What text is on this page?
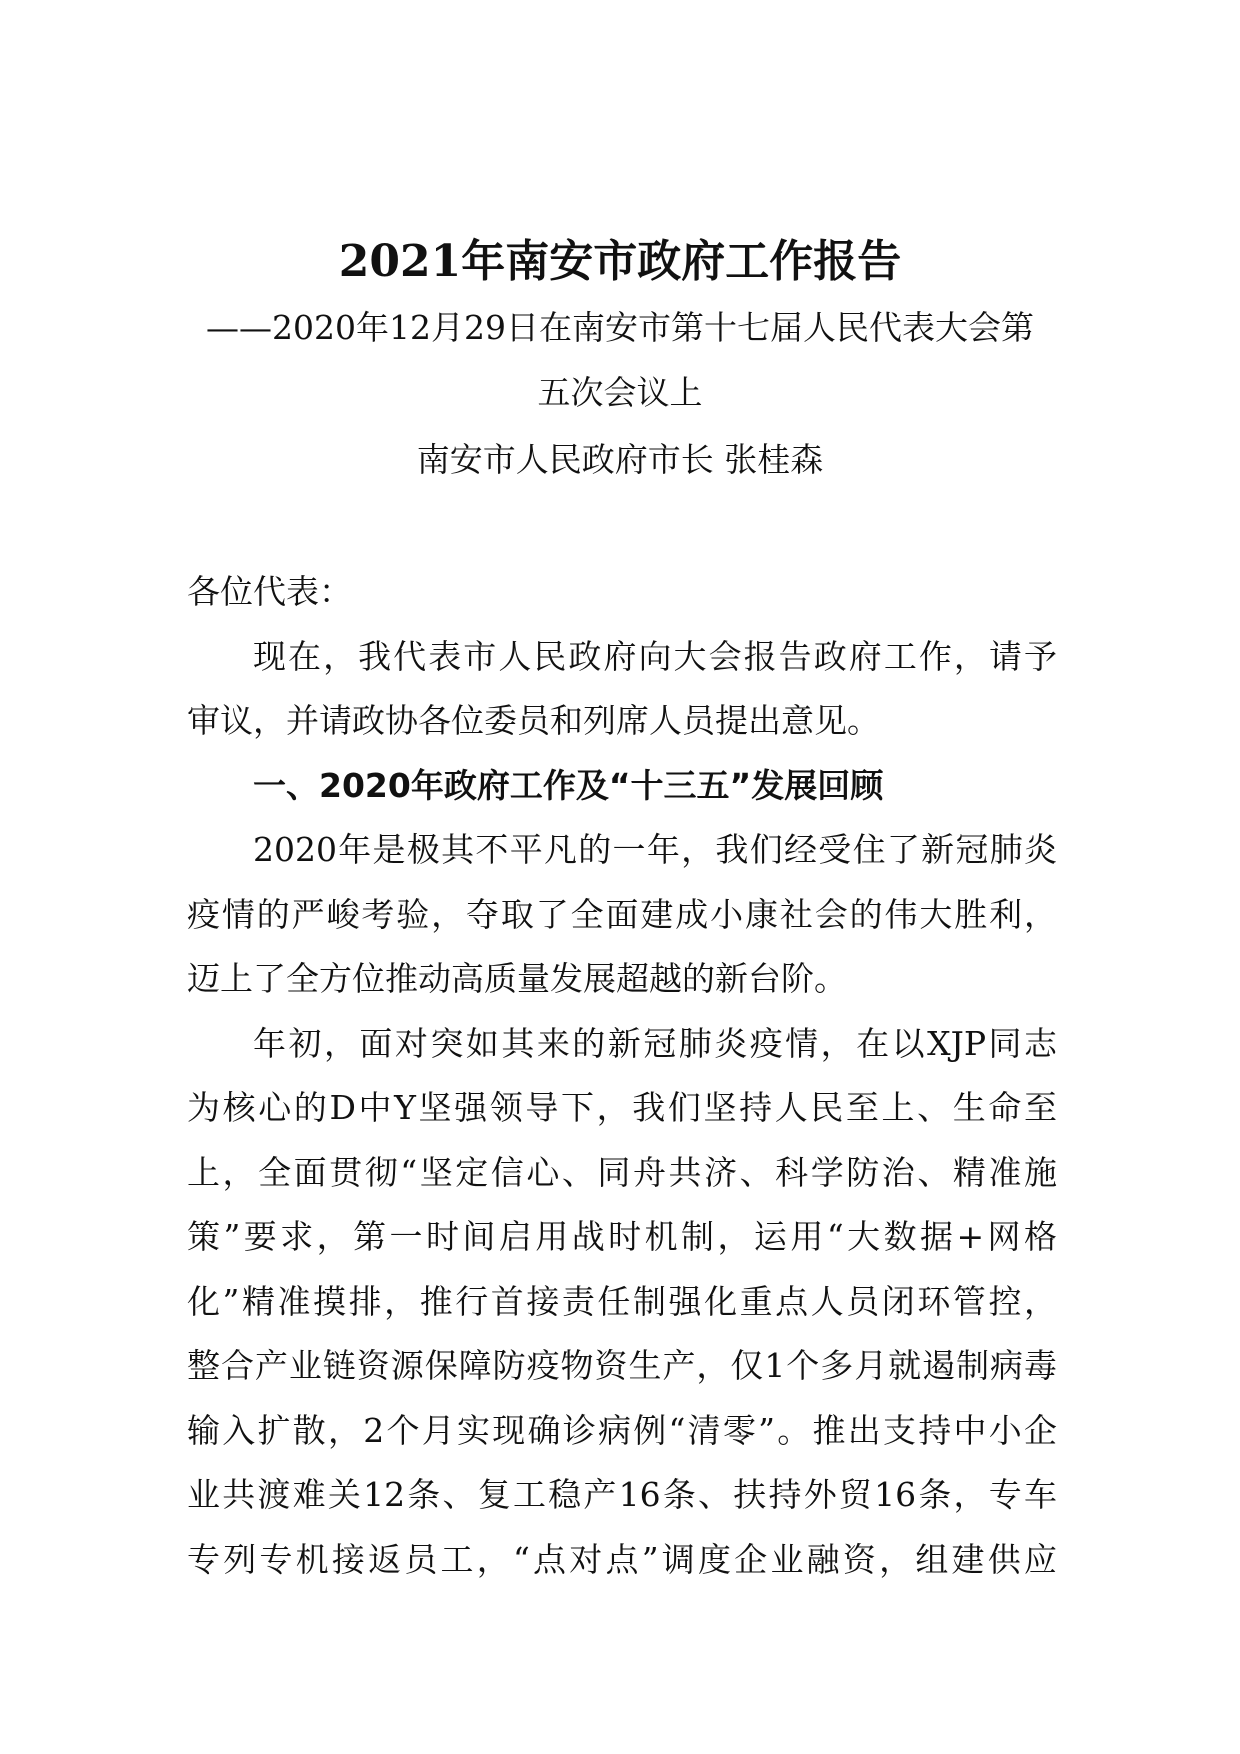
2021年南安市政府工作报告
——2020年12月29日在南安市第十七届人民代表大会第
五次会议上
南安市人民政府市长 张桂森
各位代表：
现在，我代表市人民政府向大会报告政府工作，请予
审议，并请政协各位委员和列席人员提出意见。
一、2020年政府工作及“十三五”发展回顾
2020年是极其不平凡的一年，我们经受住了新冠肺炎
疫情的严峻考验，夺取了全面建成小康社会的伟大胜利，
迈上了全方位推动高质量发展超越的新台阶。
年初，面对突如其来的新冠肺炎疫情，在以XJP同志
为核心的D中Y坚强领导下，我们坚持人民至上、生命至
上，全面贯彻“坚定信心、同舟共济、科学防治、精准施
策”要求，第一时间启用战时机制，运用“大数据+网格
化”精准摸排，推行首接责任制强化重点人员闭环管控，
整合产业链资源保障防疫物资生产，仅1个多月就遏制病毒
输入扩散，2个月实现确诊病例“清零”。推出支持中小企
业共渡难关12条、复工稳产16条、扶持外贸16条，专车
专列专机接返员工，“点对点”调度企业融资，组建供应
